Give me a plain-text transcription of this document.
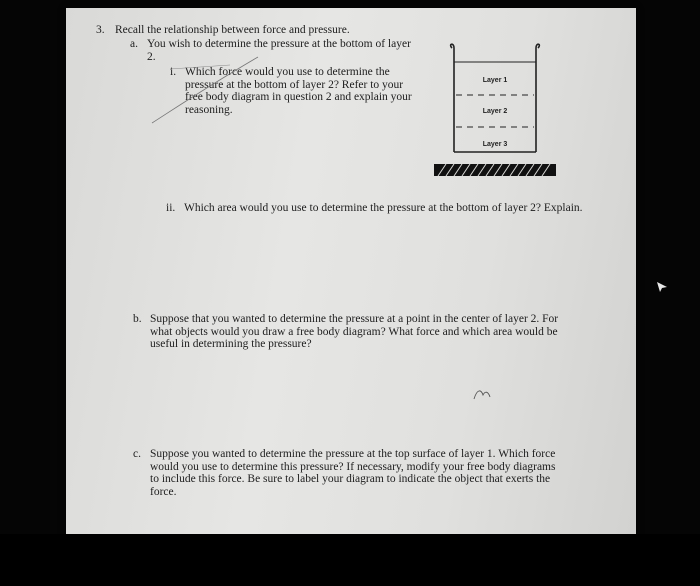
3. Recall the relationship between force and pressure.
a. You wish to determine the pressure at the bottom of layer 2.
i. Which force would you use to determine the pressure at the bottom of layer 2? Refer to your free body diagram in question 2 and explain your reasoning.
Layer 1
Layer 2
Layer 3
ii. Which area would you use to determine the pressure at the bottom of layer 2? Explain.
b. Suppose that you wanted to determine the pressure at a point in the center of layer 2. For what objects would you draw a free body diagram? What force and which area would be useful in determining the pressure?
c. Suppose you wanted to determine the pressure at the top surface of layer 1. Which force would you use to determine this pressure? If necessary, modify your free body diagrams to include this force. Be sure to label your diagram to indicate the object that exerts the force.
